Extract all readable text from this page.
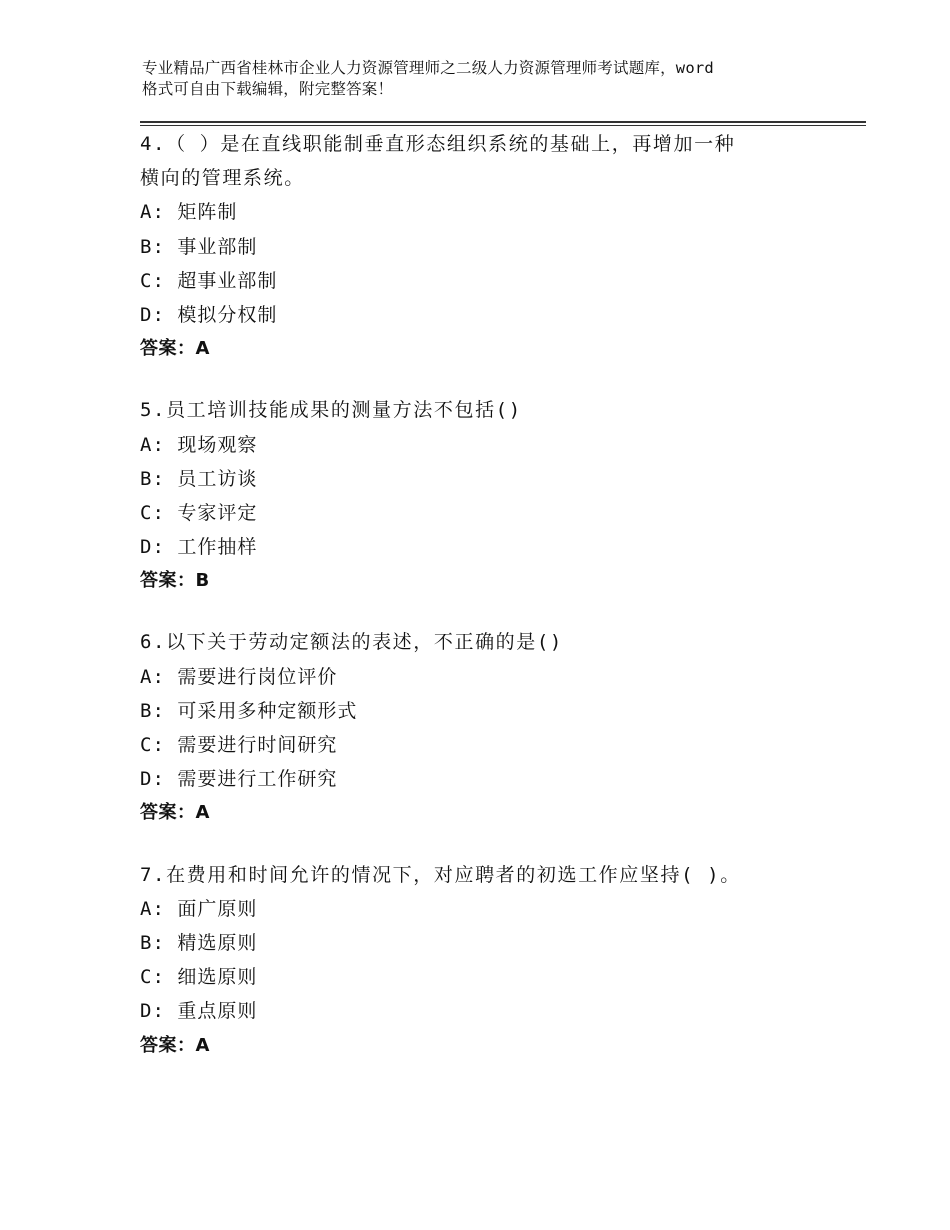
专业精品广西省桂林市企业人力资源管理师之二级人力资源管理师考试题库，word
格式可自由下载编辑，附完整答案！
4.（ ）是在直线职能制垂直形态组织系统的基础上，再增加一种
横向的管理系统。
A: 矩阵制
B: 事业部制
C: 超事业部制
D: 模拟分权制
答案：A
5.员工培训技能成果的测量方法不包括()
A: 现场观察
B: 员工访谈
C: 专家评定
D: 工作抽样
答案：B
6.以下关于劳动定额法的表述，不正确的是()
A: 需要进行岗位评价
B: 可采用多种定额形式
C: 需要进行时间研究
D: 需要进行工作研究
答案：A
7.在费用和时间允许的情况下，对应聘者的初选工作应坚持( )。
A: 面广原则
B: 精选原则
C: 细选原则
D: 重点原则
答案：A
